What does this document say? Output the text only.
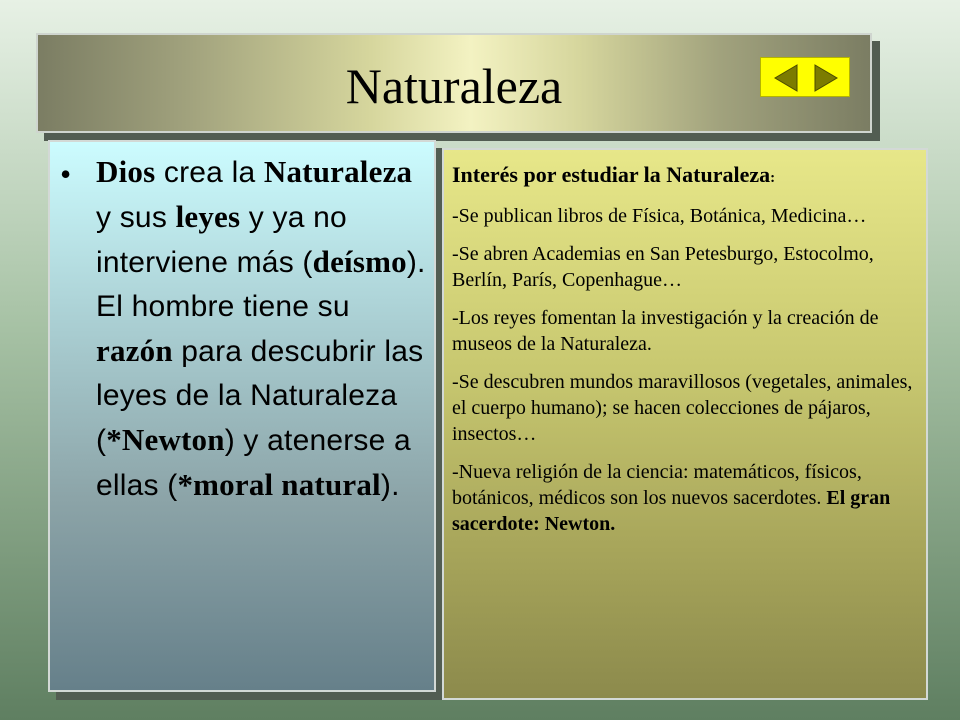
Naturaleza
• Dios crea la Naturaleza y sus leyes y ya no interviene más (deísmo). El hombre tiene su razón para descubrir las leyes de la Naturaleza (*Newton) y atenerse a ellas (*moral natural).
Interés por estudiar la Naturaleza:

-Se publican libros de Física, Botánica, Medicina…

-Se abren Academias en San Petesburgo, Estocolmo, Berlín, París, Copenhague…

-Los reyes fomentan la investigación y la creación de museos de la Naturaleza.

-Se descubren mundos maravillosos (vegetales, animales, el cuerpo humano); se hacen colecciones de pájaros, insectos…

-Nueva religión de la ciencia: matemáticos, físicos, botánicos, médicos son los nuevos sacerdotes. El gran sacerdote: Newton.
